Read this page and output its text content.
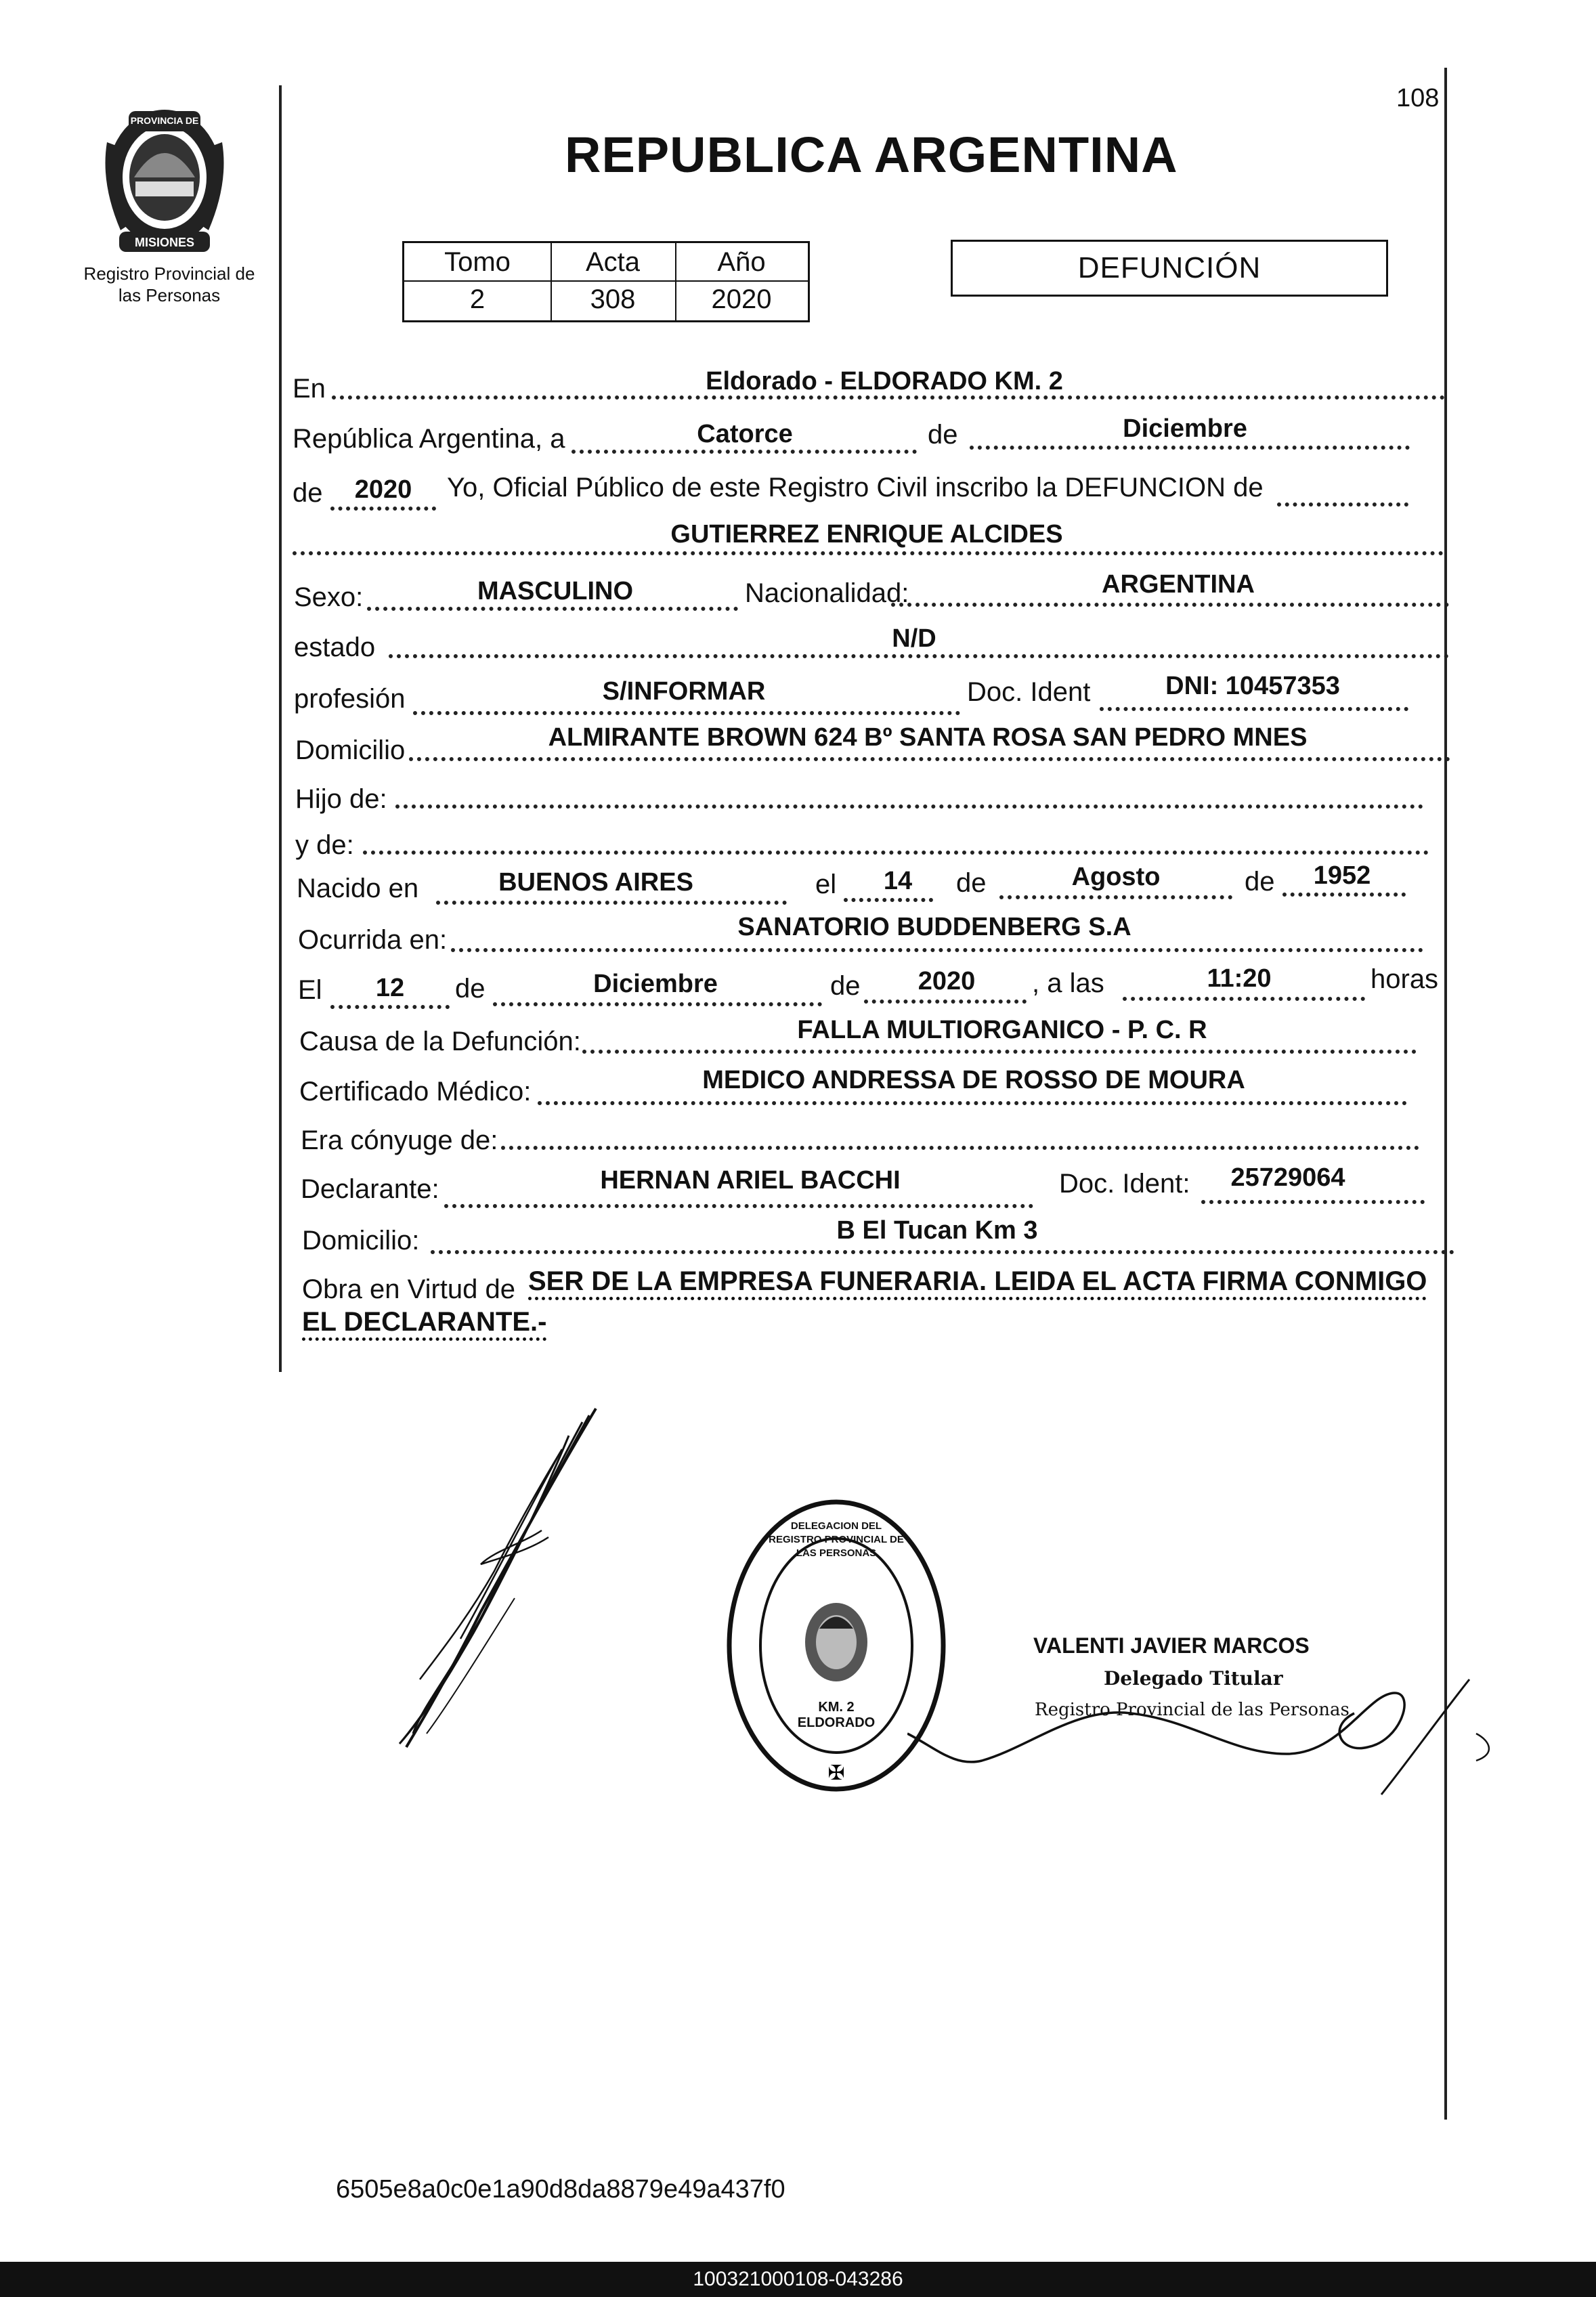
108
PROVINCIA DE
MISIONES
Registro Provincial de
las Personas
REPUBLICA ARGENTINA
Tomo	Acta	Año
2	308	2020
DEFUNCIÓN
En	Eldorado - ELDORADO KM. 2
República Argentina, a	Catorce	de	Diciembre
de 2020 Yo, Oficial Público de este Registro Civil inscribo la DEFUNCION de
GUTIERREZ ENRIQUE ALCIDES
Sexo:	MASCULINO	Nacionalidad:	ARGENTINA
estado	N/D
profesión	S/INFORMAR	Doc. Ident	DNI: 10457353
Domicilio	ALMIRANTE BROWN 624 Bº SANTA ROSA SAN PEDRO MNES
Hijo de:
y de:
Nacido en	BUENOS AIRES	el 14 de	Agosto	de 1952
Ocurrida en:	SANATORIO BUDDENBERG S.A
El 12 de	Diciembre	de 2020 , a las	11:20	horas
Causa de la Defunción:	FALLA MULTIORGANICO - P. C. R
Certificado Médico:	MEDICO ANDRESSA DE ROSSO DE MOURA
Era cónyuge de:
Declarante:	HERNAN ARIEL BACCHI	Doc. Ident: 25729064
Domicilio:	B El Tucan Km 3
Obra en Virtud de SER DE LA EMPRESA FUNERARIA. LEIDA EL ACTA FIRMA CONMIGO
EL DECLARANTE.-
✠
DELEGACION DEL REGISTRO PROVINCIAL DE LAS PERSONAS
KM. 2 ELDORADO
VALENTI JAVIER MARCOS
Delegado Titular
Registro Provincial de las Personas
6505e8a0c0e1a90d8da8879e49a437f0
100321000108-043286
